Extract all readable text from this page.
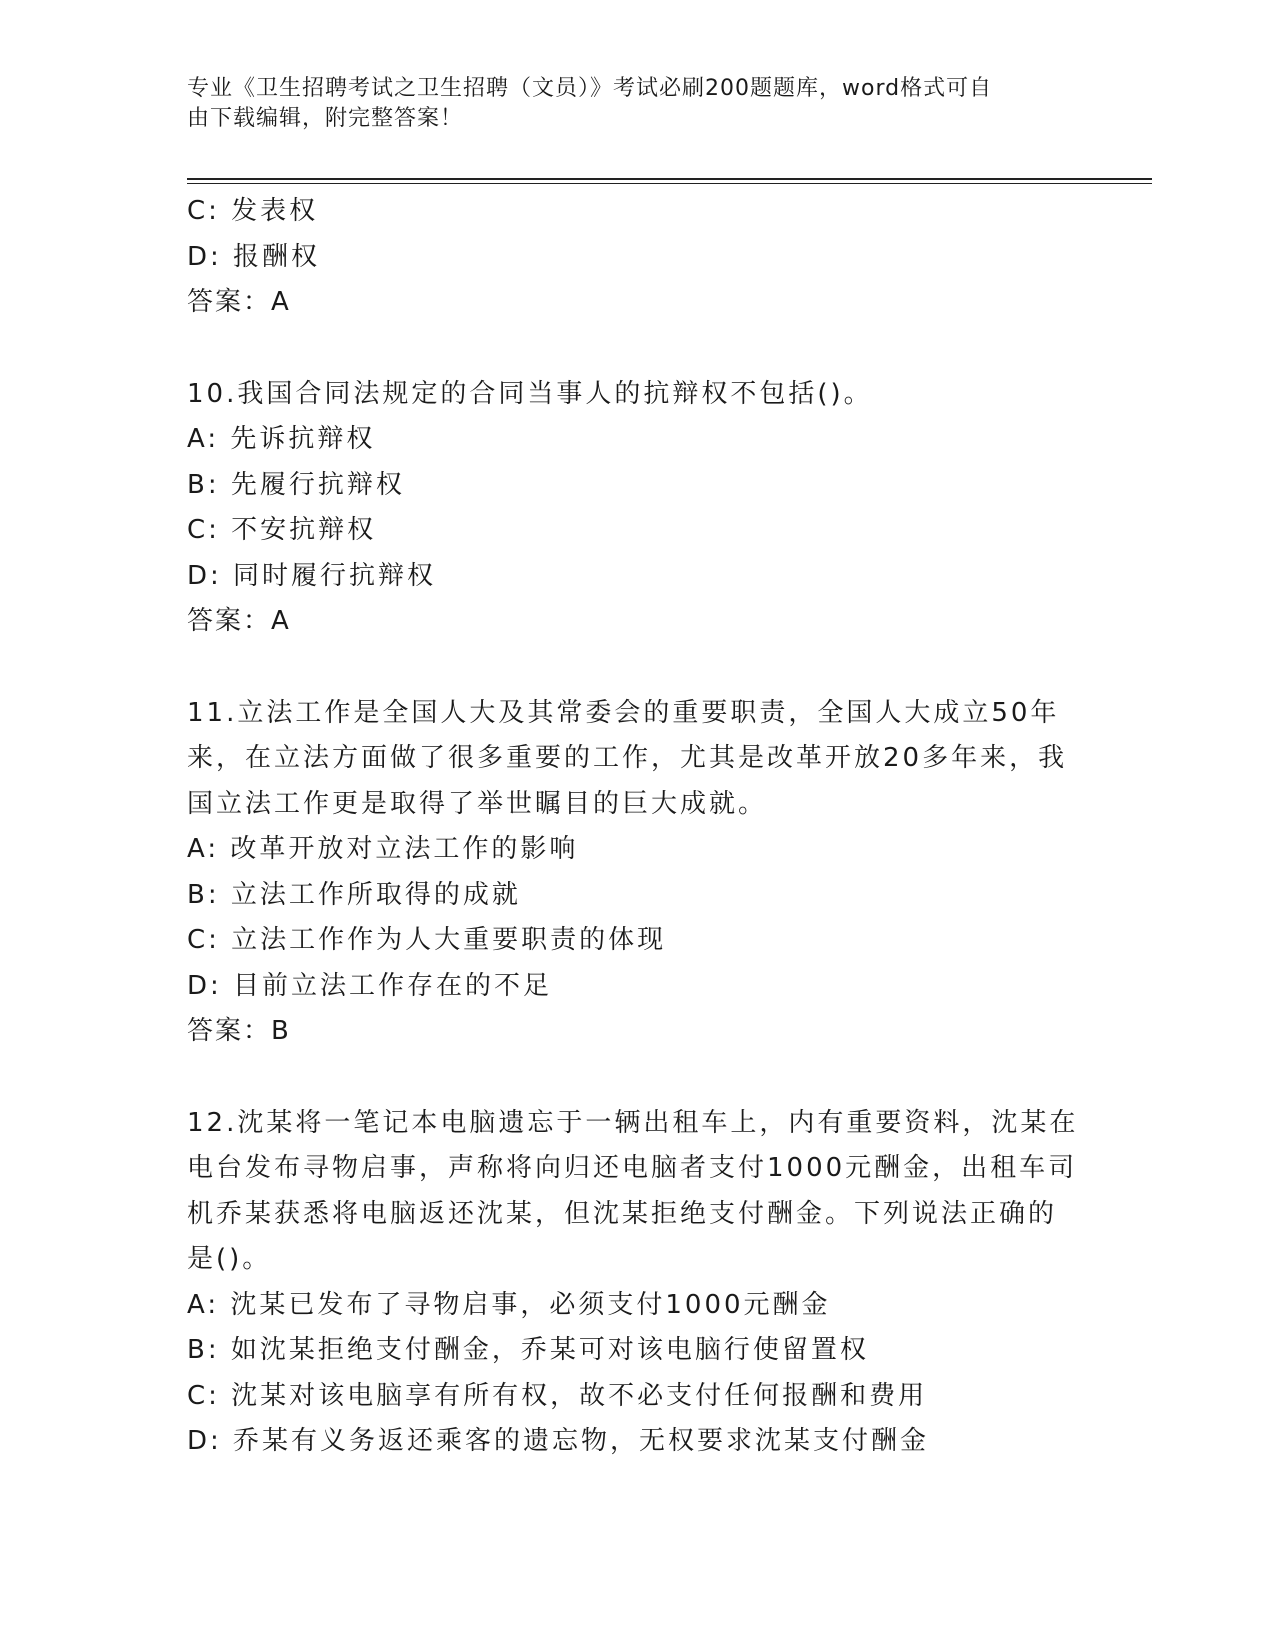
专业《卫生招聘考试之卫生招聘（文员）》考试必刷200题题库，word格式可自
由下载编辑，附完整答案！
C: 发表权
D: 报酬权
答案：A
10.我国合同法规定的合同当事人的抗辩权不包括()。
A: 先诉抗辩权
B: 先履行抗辩权
C: 不安抗辩权
D: 同时履行抗辩权
答案：A
11.立法工作是全国人大及其常委会的重要职责，全国人大成立50年
来，在立法方面做了很多重要的工作，尤其是改革开放20多年来，我
国立法工作更是取得了举世瞩目的巨大成就。
A: 改革开放对立法工作的影响
B: 立法工作所取得的成就
C: 立法工作作为人大重要职责的体现
D: 目前立法工作存在的不足
答案：B
12.沈某将一笔记本电脑遗忘于一辆出租车上，内有重要资料，沈某在
电台发布寻物启事，声称将向归还电脑者支付1000元酬金，出租车司
机乔某获悉将电脑返还沈某，但沈某拒绝支付酬金。下列说法正确的
是()。
A: 沈某已发布了寻物启事，必须支付1000元酬金
B: 如沈某拒绝支付酬金，乔某可对该电脑行使留置权
C: 沈某对该电脑享有所有权，故不必支付任何报酬和费用
D: 乔某有义务返还乘客的遗忘物，无权要求沈某支付酬金
